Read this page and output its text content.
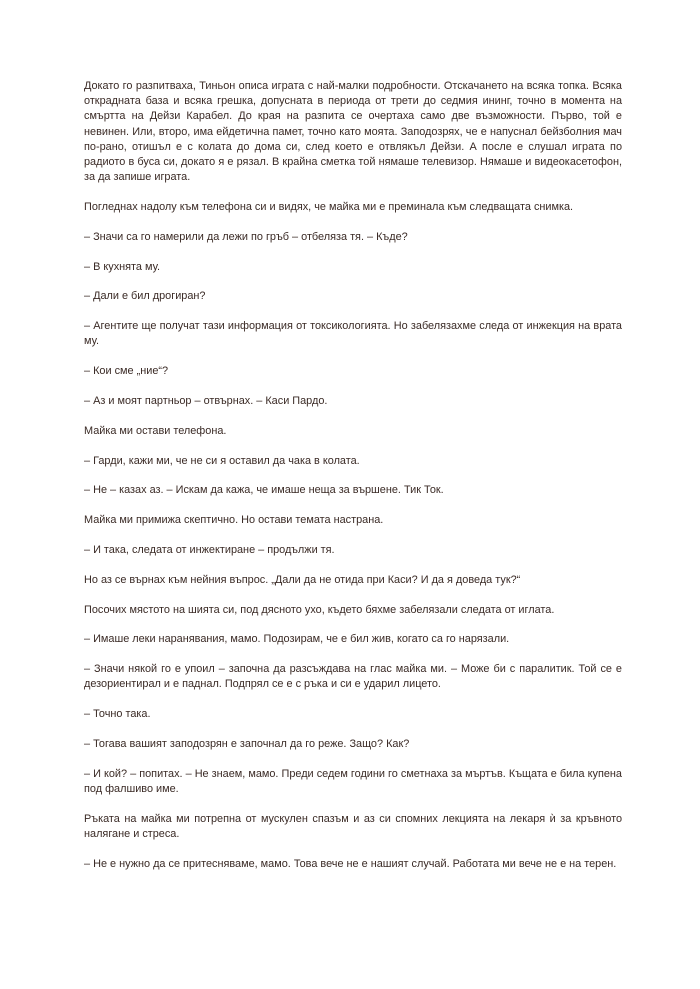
Докато го разпитваха, Тиньон описа играта с най-малки подробности. Отскачането на всяка топка. Всяка открадната база и всяка грешка, допусната в периода от трети до седмия ининг, точно в момента на смъртта на Дейзи Карабел. До края на разпита се очертаха само две възможности. Първо, той е невинен. Или, второ, има ейдетична памет, точно като моята. Заподозрях, че е напуснал бейзболния мач по-рано, отишъл е с колата до дома си, след което е отвлякъл Дейзи. А после е слушал играта по радиото в буса си, докато я е рязал. В крайна сметка той нямаше телевизор. Нямаше и видеокасетофон, за да запише играта.

Погледнах надолу към телефона си и видях, че майка ми е преминала към следващата снимка.

– Значи са го намерили да лежи по гръб – отбеляза тя. – Къде?

– В кухнята му.

– Дали е бил дрогиран?

– Агентите ще получат тази информация от токсикологията. Но забелязахме следа от инжекция на врата му.

– Кои сме „ние“?

– Аз и моят партньор – отвърнах. – Каси Пардо.

Майка ми остави телефона.

– Гарди, кажи ми, че не си я оставил да чака в колата.

– Не – казах аз. – Искам да кажа, че имаше неща за вършене. Тик Ток.

Майка ми примижа скептично. Но остави темата настрана.

– И така, следата от инжектиране – продължи тя.

Но аз се върнах към нейния въпрос. „Дали да не отида при Каси? И да я доведа тук?“

Посочих мястото на шията си, под дясното ухо, където бяхме забелязали следата от иглата.

– Имаше леки наранявания, мамо. Подозирам, че е бил жив, когато са го нарязали.

– Значи някой го е упоил – започна да разсъждава на глас майка ми. – Може би с паралитик. Той се е дезориентирал и е паднал. Подпрял се е с ръка и си е ударил лицето.

– Точно така.

– Тогава вашият заподозрян е започнал да го реже. Защо? Как?

– И кой? – попитах. – Не знаем, мамо. Преди седем години го сметнаха за мъртъв. Къщата е била купена под фалшиво име.

Ръката на майка ми потрепна от мускулен спазъм и аз си спомних лекцията на лекаря ѝ за кръвното налягане и стреса.

– Не е нужно да се притесняваме, мамо. Това вече не е нашият случай. Работата ми вече не е на терен.
